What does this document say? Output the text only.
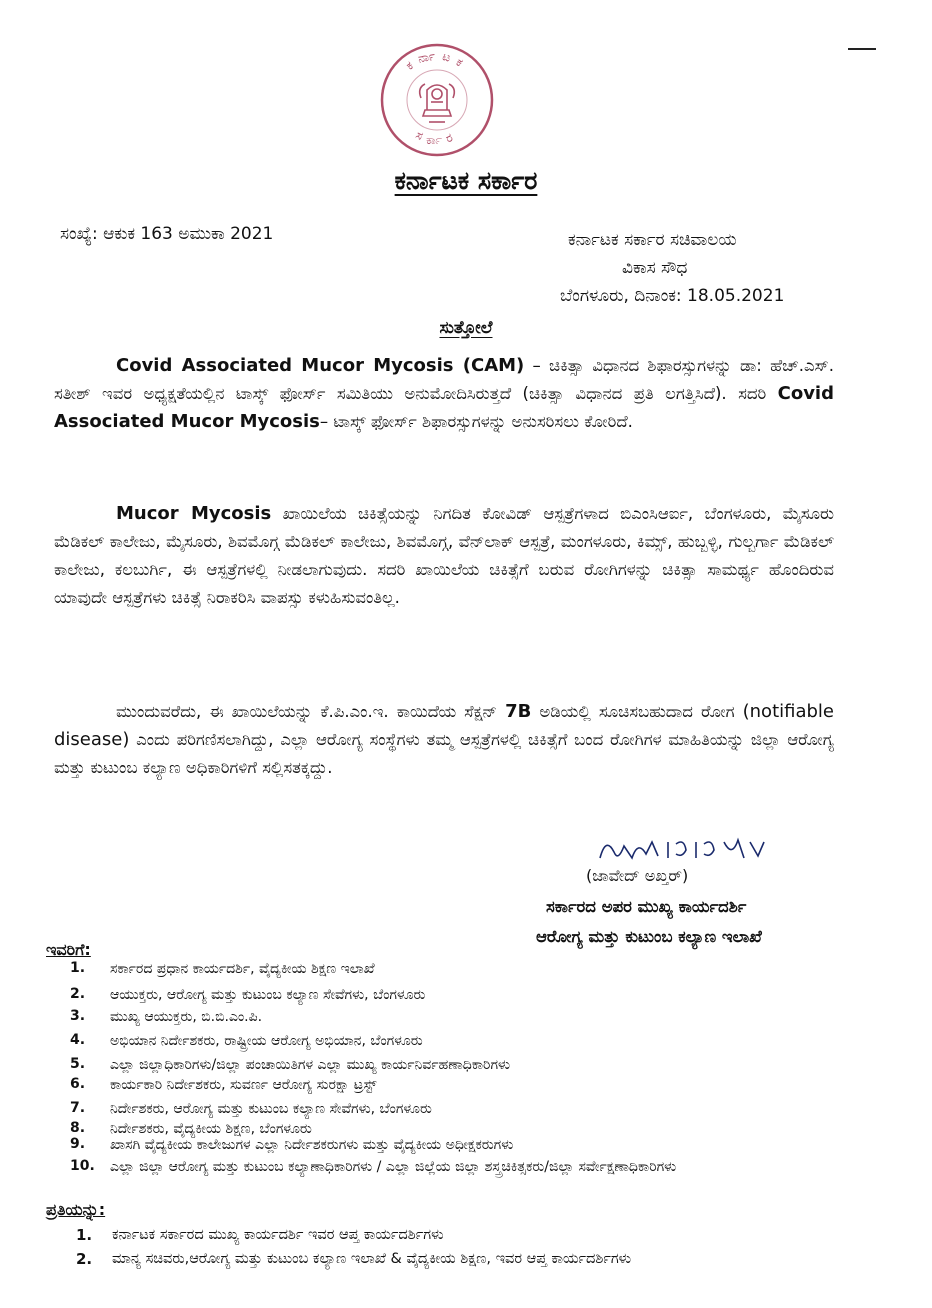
ಕರ್ನಾಟಕ
ಸರ್ಕಾರ
ಕರ್ನಾಟಕ ಸರ್ಕಾರ
ಸಂಖ್ಯೆ: ಆಕುಕ 163 ಅಮುಕಾ 2021	ಕರ್ನಾಟಕ ಸರ್ಕಾರ ಸಚಿವಾಲಯ
ವಿಕಾಸ ಸೌಧ
ಬೆಂಗಳೂರು, ದಿನಾಂಕ: 18.05.2021
ಸುತ್ತೋಲೆ

Covid Associated Mucor Mycosis (CAM) – ಚಿಕಿತ್ಸಾ ವಿಧಾನದ ಶಿಫಾರಸ್ಸುಗಳನ್ನು ಡಾ: ಹೆಚ್.ಎಸ್. ಸತೀಶ್ ಇವರ ಅಧ್ಯಕ್ಷತೆಯಲ್ಲಿನ ಟಾಸ್ಕ್ ಫೋರ್ಸ್ ಸಮಿತಿಯು ಅನುಮೋದಿಸಿರುತ್ತದೆ (ಚಿಕಿತ್ಸಾ ವಿಧಾನದ ಪ್ರತಿ ಲಗತ್ತಿಸಿದೆ). ಸದರಿ Covid Associated Mucor Mycosis– ಟಾಸ್ಕ್ ಫೋರ್ಸ್ ಶಿಫಾರಸ್ಸುಗಳನ್ನು ಅನುಸರಿಸಲು ಕೋರಿದೆ.

Mucor Mycosis ಖಾಯಿಲೆಯ ಚಿಕಿತ್ಸೆಯನ್ನು ನಿಗದಿತ ಕೋವಿಡ್ ಆಸ್ಪತ್ರೆಗಳಾದ ಬಿಎಂಸಿಆರ್ಐ, ಬೆಂಗಳೂರು, ಮೈಸೂರು ಮೆಡಿಕಲ್ ಕಾಲೇಜು, ಮೈಸೂರು, ಶಿವಮೊಗ್ಗ ಮೆಡಿಕಲ್ ಕಾಲೇಜು, ಶಿವಮೊಗ್ಗ, ವೆನ್‌ಲಾಕ್ ಆಸ್ಪತ್ರೆ, ಮಂಗಳೂರು, ಕಿಮ್ಸ್, ಹುಬ್ಬಳ್ಳಿ, ಗುಲ್ಬರ್ಗಾ ಮೆಡಿಕಲ್ ಕಾಲೇಜು, ಕಲಬುರ್ಗಿ, ಈ ಆಸ್ಪತ್ರೆಗಳಲ್ಲಿ ನೀಡಲಾಗುವುದು. ಸದರಿ ಖಾಯಿಲೆಯ ಚಿಕಿತ್ಸೆಗೆ ಬರುವ ರೋಗಿಗಳನ್ನು ಚಿಕಿತ್ಸಾ ಸಾಮರ್ಥ್ಯ ಹೊಂದಿರುವ ಯಾವುದೇ ಆಸ್ಪತ್ರೆಗಳು ಚಿಕಿತ್ಸೆ ನಿರಾಕರಿಸಿ ವಾಪಸ್ಸು ಕಳುಹಿಸುವಂತಿಲ್ಲ.

ಮುಂದುವರೆದು, ಈ ಖಾಯಿಲೆಯನ್ನು ಕೆ.ಪಿ.ಎಂ.ಇ. ಕಾಯಿದೆಯ ಸೆಕ್ಷನ್ 7B ಅಡಿಯಲ್ಲಿ ಸೂಚಿಸಬಹುದಾದ ರೋಗ (notifiable disease) ಎಂದು ಪರಿಗಣಿಸಲಾಗಿದ್ದು, ಎಲ್ಲಾ ಆರೋಗ್ಯ ಸಂಸ್ಥೆಗಳು ತಮ್ಮ ಆಸ್ಪತ್ರೆಗಳಲ್ಲಿ ಚಿಕಿತ್ಸೆಗೆ ಬಂದ ರೋಗಿಗಳ ಮಾಹಿತಿಯನ್ನು ಜಿಲ್ಲಾ ಆರೋಗ್ಯ ಮತ್ತು ಕುಟುಂಬ ಕಲ್ಯಾಣ ಅಧಿಕಾರಿಗಳಿಗೆ ಸಲ್ಲಿಸತಕ್ಕದ್ದು.

(ಜಾವೇದ್ ಅಖ್ತರ್)
ಸರ್ಕಾರದ ಅಪರ ಮುಖ್ಯ ಕಾರ್ಯದರ್ಶಿ
ಆರೋಗ್ಯ ಮತ್ತು ಕುಟುಂಬ ಕಲ್ಯಾಣ ಇಲಾಖೆ
ಇವರಿಗೆ:
1.	ಸರ್ಕಾರದ ಪ್ರಧಾನ ಕಾರ್ಯದರ್ಶಿ, ವೈದ್ಯಕೀಯ ಶಿಕ್ಷಣ ಇಲಾಖೆ
2.	ಆಯುಕ್ತರು, ಆರೋಗ್ಯ ಮತ್ತು ಕುಟುಂಬ ಕಲ್ಯಾಣ ಸೇವೆಗಳು, ಬೆಂಗಳೂರು
3.	ಮುಖ್ಯ ಆಯುಕ್ತರು, ಬಿ.ಬಿ.ಎಂ.ಪಿ.
4.	ಅಭಿಯಾನ ನಿರ್ದೇಶಕರು, ರಾಷ್ಟ್ರೀಯ ಆರೋಗ್ಯ ಅಭಿಯಾನ, ಬೆಂಗಳೂರು
5.	ಎಲ್ಲಾ ಜಿಲ್ಲಾಧಿಕಾರಿಗಳು/ಜಿಲ್ಲಾ ಪಂಚಾಯಿತಿಗಳ ಎಲ್ಲಾ ಮುಖ್ಯ ಕಾರ್ಯನಿರ್ವಹಣಾಧಿಕಾರಿಗಳು
6.	ಕಾರ್ಯಕಾರಿ ನಿರ್ದೇಶಕರು, ಸುವರ್ಣ ಆರೋಗ್ಯ ಸುರಕ್ಷಾ ಟ್ರಸ್ಟ್
7.	ನಿರ್ದೇಶಕರು, ಆರೋಗ್ಯ ಮತ್ತು ಕುಟುಂಬ ಕಲ್ಯಾಣ ಸೇವೆಗಳು, ಬೆಂಗಳೂರು
8.	ನಿರ್ದೇಶಕರು, ವೈದ್ಯಕೀಯ ಶಿಕ್ಷಣ, ಬೆಂಗಳೂರು
9.	ಖಾಸಗಿ ವೈದ್ಯಕೀಯ ಕಾಲೇಜುಗಳ ಎಲ್ಲಾ ನಿರ್ದೇಶಕರುಗಳು ಮತ್ತು ವೈದ್ಯಕೀಯ ಅಧೀಕ್ಷಕರುಗಳು
10.	ಎಲ್ಲಾ ಜಿಲ್ಲಾ ಆರೋಗ್ಯ ಮತ್ತು ಕುಟುಂಬ ಕಲ್ಯಾಣಾಧಿಕಾರಿಗಳು / ಎಲ್ಲಾ ಜಿಲ್ಲೆಯ ಜಿಲ್ಲಾ ಶಸ್ತ್ರಚಿಕಿತ್ಸಕರು/ಜಿಲ್ಲಾ ಸರ್ವೇಕ್ಷಣಾಧಿಕಾರಿಗಳು
ಪ್ರತಿಯನ್ನು:
1.	ಕರ್ನಾಟಕ ಸರ್ಕಾರದ ಮುಖ್ಯ ಕಾರ್ಯದರ್ಶಿ ಇವರ ಆಪ್ತ ಕಾರ್ಯದರ್ಶಿಗಳು
2.	ಮಾನ್ಯ ಸಚಿವರು,ಆರೋಗ್ಯ ಮತ್ತು ಕುಟುಂಬ ಕಲ್ಯಾಣ ಇಲಾಖೆ & ವೈದ್ಯಕೀಯ ಶಿಕ್ಷಣ, ಇವರ ಆಪ್ತ ಕಾರ್ಯದರ್ಶಿಗಳು
